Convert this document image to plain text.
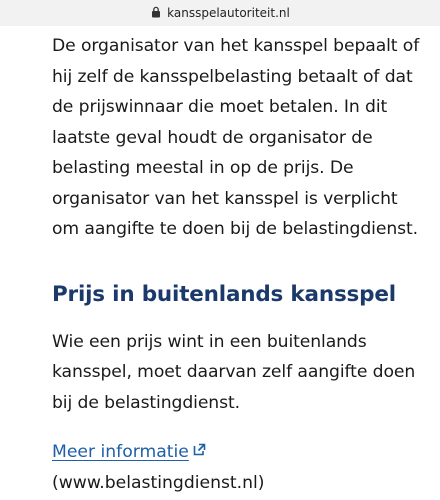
kansspelautoriteit.nl

De organisator van het kansspel bepaalt of
hij zelf de kansspelbelasting betaalt of dat
de prijswinnaar die moet betalen. In dit
laatste geval houdt de organisator de
belasting meestal in op de prijs. De
organisator van het kansspel is verplicht
om aangifte te doen bij de belastingdienst.

Prijs in buitenlands kansspel

Wie een prijs wint in een buitenlands
kansspel, moet daarvan zelf aangifte doen
bij de belastingdienst.

Meer informatie
(www.belastingdienst.nl)
